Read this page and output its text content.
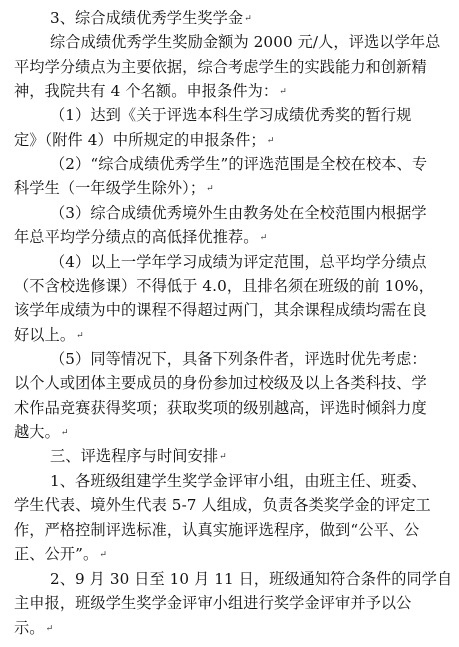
3、综合成绩优秀学生奖学金↵
综合成绩优秀学生奖励金额为 2000 元/人，评选以学年总
平均学分绩点为主要依据，综合考虑学生的实践能力和创新精
神，我院共有 4 个名额。申报条件为：↵
（1）达到《关于评选本科生学习成绩优秀奖的暂行规
定》（附件 4）中所规定的申报条件；↵
（2）“综合成绩优秀学生”的评选范围是全校在校本、专
科学生（一年级学生除外）；↵
（3）综合成绩优秀境外生由教务处在全校范围内根据学
年总平均学分绩点的高低择优推荐。↵
（4）以上一学年学习成绩为评定范围，总平均学分绩点
（不含校选修课）不得低于 4.0，且排名须在班级的前 10%，
该学年成绩为中的课程不得超过两门，其余课程成绩均需在良
好以上。↵
（5）同等情况下，具备下列条件者，评选时优先考虑：
以个人或团体主要成员的身份参加过校级及以上各类科技、学
术作品竞赛获得奖项；获取奖项的级别越高，评选时倾斜力度
越大。↵
三、评选程序与时间安排↵
1、各班级组建学生奖学金评审小组，由班主任、班委、
学生代表、境外生代表 5-7 人组成，负责各类奖学金的评定工
作，严格控制评选标准，认真实施评选程序，做到“公平、公
正、公开”。↵
2、9 月 30 日至 10 月 11 日，班级通知符合条件的同学自
主申报，班级学生奖学金评审小组进行奖学金评审并予以公
示。↵
